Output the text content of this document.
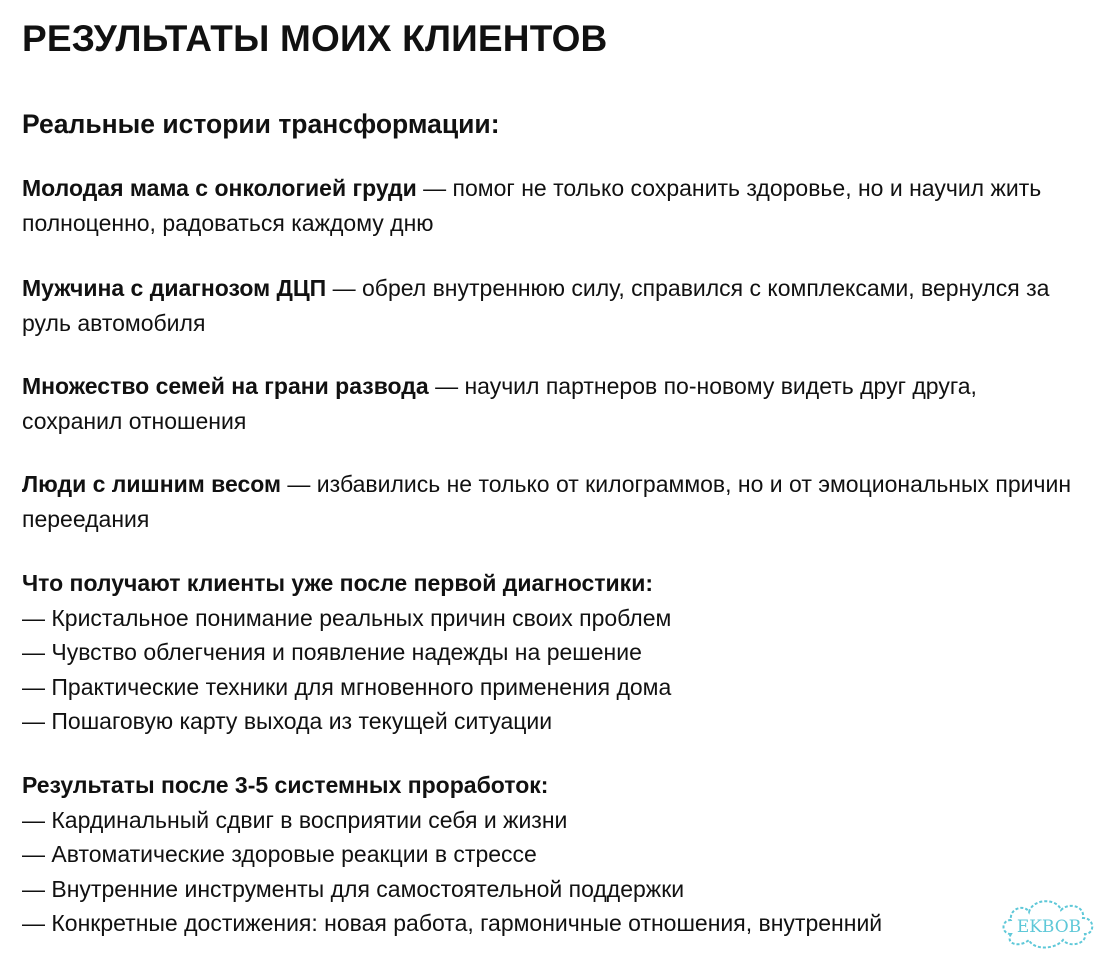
РЕЗУЛЬТАТЫ МОИХ КЛИЕНТОВ
Реальные истории трансформации:

Молодая мама с онкологией груди — помог не только сохранить здоровье, но и научил жить полноценно, радоваться каждому дню

Мужчина с диагнозом ДЦП — обрел внутреннюю силу, справился с комплексами, вернулся за руль автомобиля

Множество семей на грани развода — научил партнеров по-новому видеть друг друга, сохранил отношения

Люди с лишним весом — избавились не только от килограммов, но и от эмоциональных причин переедания

Что получают клиенты уже после первой диагностики:
— Кристальное понимание реальных причин своих проблем
— Чувство облегчения и появление надежды на решение
— Практические техники для мгновенного применения дома
— Пошаговую карту выхода из текущей ситуации
Результаты после 3-5 системных проработок:
— Кардинальный сдвиг в восприятии себя и жизни
— Автоматические здоровые реакции в стрессе
— Внутренние инструменты для самостоятельной поддержки
— Конкретные достижения: новая работа, гармоничные отношения, внутренний	EKBOB
